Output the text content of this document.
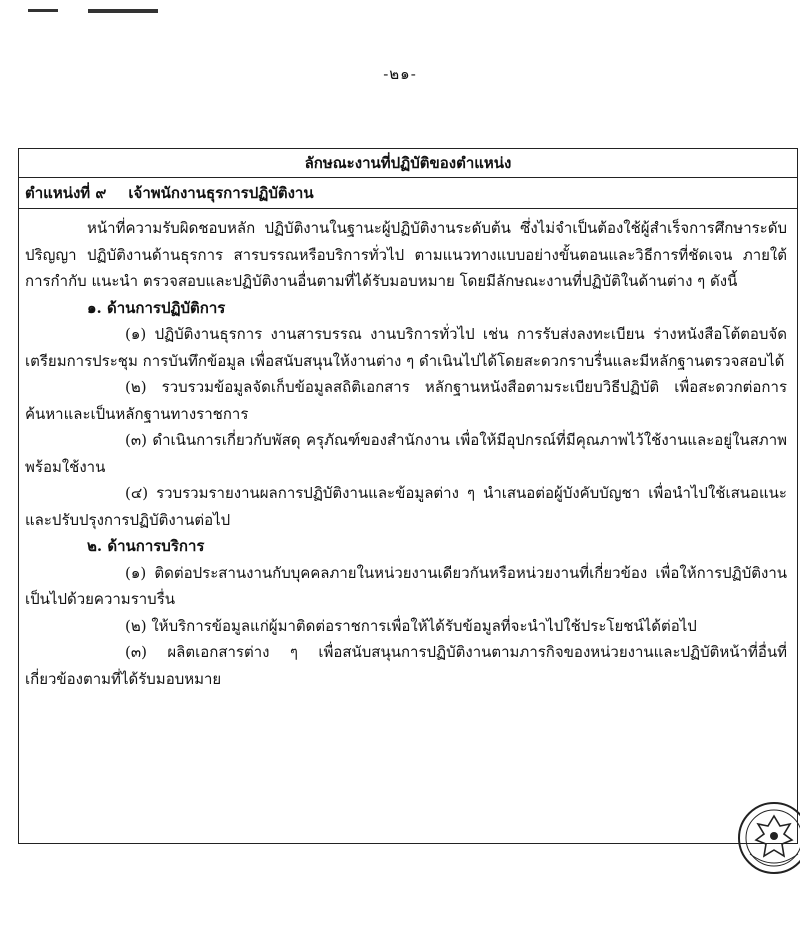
-๒๑-
ลักษณะงานที่ปฏิบัติของตำแหน่ง
ตำแหน่งที่ ๙ เจ้าพนักงานธุรการปฏิบัติงาน

หน้าที่ความรับผิดชอบหลัก ปฏิบัติงานในฐานะผู้ปฏิบัติงานระดับต้น ซึ่งไม่จำเป็นต้องใช้ผู้สำเร็จการศึกษาระดับปริญญา ปฏิบัติงานด้านธุรการ สารบรรณหรือบริการทั่วไป ตามแนวทางแบบอย่างขั้นตอนและวิธีการที่ชัดเจน ภายใต้การกำกับ แนะนำ ตรวจสอบและปฏิบัติงานอื่นตามที่ได้รับมอบหมาย โดยมีลักษณะงานที่ปฏิบัติในด้านต่าง ๆ ดังนี้

๑. ด้านการปฏิบัติการ

(๑) ปฏิบัติงานธุรการ งานสารบรรณ งานบริการทั่วไป เช่น การรับส่งลงทะเบียน ร่างหนังสือโต้ตอบจัดเตรียมการประชุม การบันทึกข้อมูล เพื่อสนับสนุนให้งานต่าง ๆ ดำเนินไปได้โดยสะดวกราบรื่นและมีหลักฐานตรวจสอบได้

(๒) รวบรวมข้อมูลจัดเก็บข้อมูลสถิติเอกสาร หลักฐานหนังสือตามระเบียบวิธีปฏิบัติ เพื่อสะดวกต่อการค้นหาและเป็นหลักฐานทางราชการ

(๓) ดำเนินการเกี่ยวกับพัสดุ ครุภัณฑ์ของสำนักงาน เพื่อให้มีอุปกรณ์ที่มีคุณภาพไว้ใช้งานและอยู่ในสภาพพร้อมใช้งาน

(๔) รวบรวมรายงานผลการปฏิบัติงานและข้อมูลต่าง ๆ นำเสนอต่อผู้บังคับบัญชา เพื่อนำไปใช้เสนอแนะและปรับปรุงการปฏิบัติงานต่อไป

๒. ด้านการบริการ

(๑) ติดต่อประสานงานกับบุคคลภายในหน่วยงานเดียวกันหรือหน่วยงานที่เกี่ยวข้อง เพื่อให้การปฏิบัติงานเป็นไปด้วยความราบรื่น

(๒) ให้บริการข้อมูลแก่ผู้มาติดต่อราชการเพื่อให้ได้รับข้อมูลที่จะนำไปใช้ประโยชน์ได้ต่อไป

(๓) ผลิตเอกสารต่าง ๆ เพื่อสนับสนุนการปฏิบัติงานตามภารกิจของหน่วยงานและปฏิบัติหน้าที่อื่นที่เกี่ยวข้องตามที่ได้รับมอบหมาย
